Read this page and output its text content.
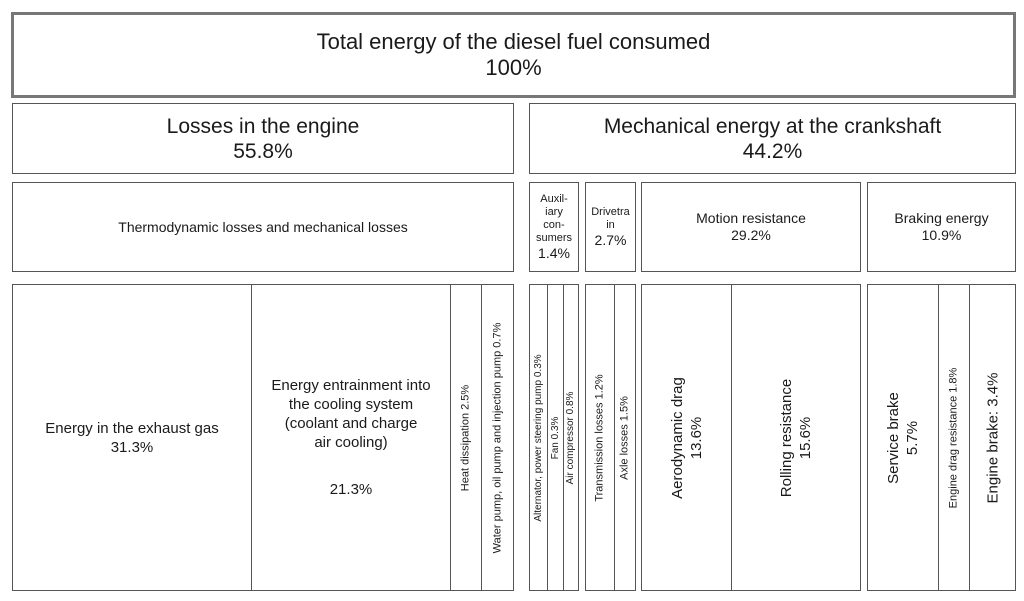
Total energy of the diesel fuel consumed
100%
Losses in the engine
55.8%
Mechanical energy at the crankshaft
44.2%
Thermodynamic losses and mechanical losses
Auxil-
iary
con-
sumers
1.4%
Drivetra
in
2.7%
Motion resistance
29.2%
Braking energy
10.9%
Energy in the exhaust gas
31.3%
Energy entrainment into
the cooling system
(coolant and charge
air cooling)
21.3%	Heat dissipation 2.5% Water pump, oil pump and injection pump 0.7%	Alternator, power steering pump 0.3% Fan 0.3% Air compressor 0.8% Transmission losses 1.2% Axle losses 1.5%	Aerodynamic drag 13.6%	Rolling resistance 15.6%	Service brake 5.7% Engine drag resistance 1.8% Engine brake: 3.4%
